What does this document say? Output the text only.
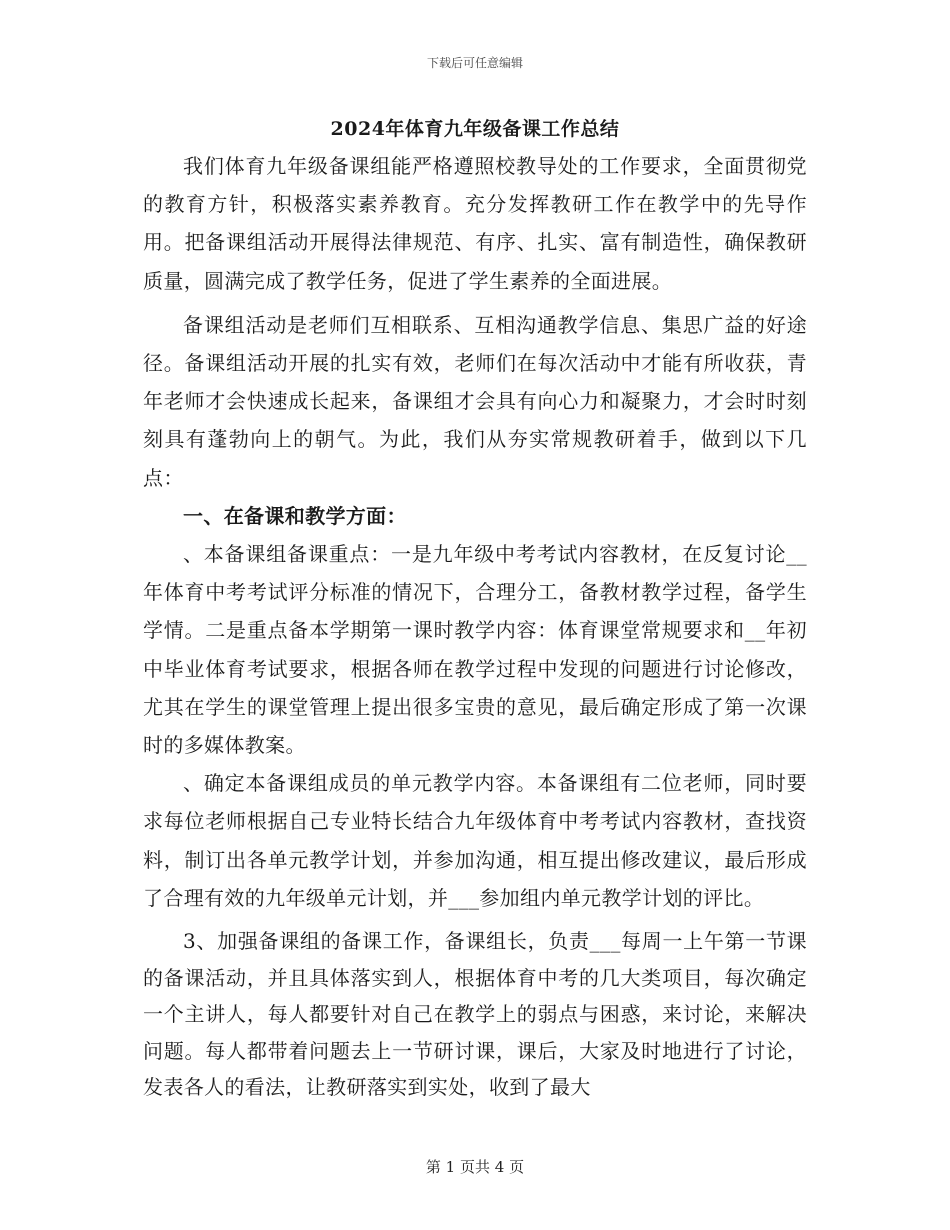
下载后可任意编辑
2024年体育九年级备课工作总结

我们体育九年级备课组能严格遵照校教导处的工作要求，全面贯彻党的教育方针，积极落实素养教育。充分发挥教研工作在教学中的先导作用。把备课组活动开展得法律规范、有序、扎实、富有制造性，确保教研质量，圆满完成了教学任务，促进了学生素养的全面进展。

备课组活动是老师们互相联系、互相沟通教学信息、集思广益的好途径。备课组活动开展的扎实有效，老师们在每次活动中才能有所收获，青年老师才会快速成长起来，备课组才会具有向心力和凝聚力，才会时时刻刻具有蓬勃向上的朝气。为此，我们从夯实常规教研着手，做到以下几点：

一、在备课和教学方面：

、本备课组备课重点：一是九年级中考考试内容教材，在反复讨论__年体育中考考试评分标准的情况下，合理分工，备教材教学过程，备学生学情。二是重点备本学期第一课时教学内容：体育课堂常规要求和__年初中毕业体育考试要求，根据各师在教学过程中发现的问题进行讨论修改，尤其在学生的课堂管理上提出很多宝贵的意见，最后确定形成了第一次课时的多媒体教案。

、确定本备课组成员的单元教学内容。本备课组有二位老师，同时要求每位老师根据自己专业特长结合九年级体育中考考试内容教材，查找资料，制订出各单元教学计划，并参加沟通，相互提出修改建议，最后形成了合理有效的九年级单元计划，并___参加组内单元教学计划的评比。

3、加强备课组的备课工作，备课组长，负责___每周一上午第一节课的备课活动，并且具体落实到人，根据体育中考的几大类项目，每次确定一个主讲人，每人都要针对自己在教学上的弱点与困惑，来讨论，来解决问题。每人都带着问题去上一节研讨课，课后，大家及时地进行了讨论，发表各人的看法，让教研落实到实处，收到了最大

第 1 页共 4 页
